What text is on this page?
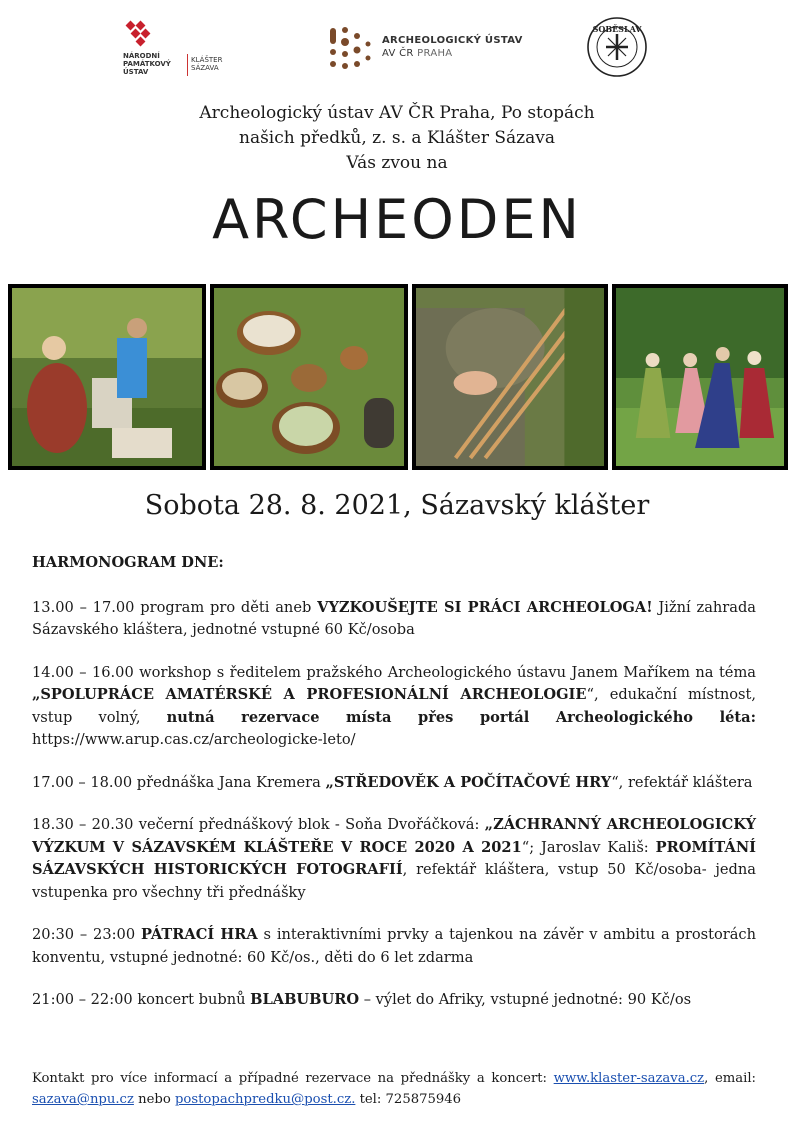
NÁRODNÍ
PAMÁTKOVÝ
ÚSTAV
KLÁŠTER
SÁZAVA
ARCHEOLOGICKÝ ÚSTAV
AV ČR PRAHA
SOBĚSLAV
Archeologický ústav AV ČR Praha, Po stopách
našich předků, z. s. a Klášter Sázava
Vás zvou na
ARCHEODEN
Sobota 28. 8. 2021, Sázavský klášter

HARMONOGRAM DNE:

13.00 – 17.00 program pro děti aneb VYZKOUŠEJTE SI PRÁCI ARCHEOLOGA! Jižní zahrada Sázavského kláštera, jednotné vstupné 60 Kč/osoba

14.00 – 16.00 workshop s ředitelem pražského Archeologického ústavu Janem Maříkem na téma „SPOLUPRÁCE AMATÉRSKÉ A PROFESIONÁLNÍ ARCHEOLOGIE“, edukační místnost, vstup volný, nutná rezervace místa přes portál Archeologického léta: https://www.arup.cas.cz/archeologicke-leto/

17.00 – 18.00 přednáška Jana Kremera „STŘEDOVĚK A POČÍTAČOVÉ HRY“, refektář kláštera

18.30 – 20.30 večerní přednáškový blok - Soňa Dvořáčková: „ZÁCHRANNÝ ARCHEOLOGICKÝ VÝZKUM V SÁZAVSKÉM KLÁŠTEŘE V ROCE 2020 A 2021“; Jaroslav Kališ: PROMÍTÁNÍ SÁZAVSKÝCH HISTORICKÝCH FOTOGRAFIÍ, refektář kláštera, vstup 50 Kč/osoba- jedna vstupenka pro všechny tři přednášky

20:30 – 23:00 PÁTRACÍ HRA s interaktivními prvky a tajenkou na závěr v ambitu a prostorách konventu, vstupné jednotné: 60 Kč/os., děti do 6 let zdarma

21:00 – 22:00 koncert bubnů BLABUBURO – výlet do Afriky, vstupné jednotné: 90 Kč/os

Kontakt pro více informací a případné rezervace na přednášky a koncert: www.klaster-sazava.cz, email: sazava@npu.cz nebo postopachpredku@post.cz. tel: 725875946
